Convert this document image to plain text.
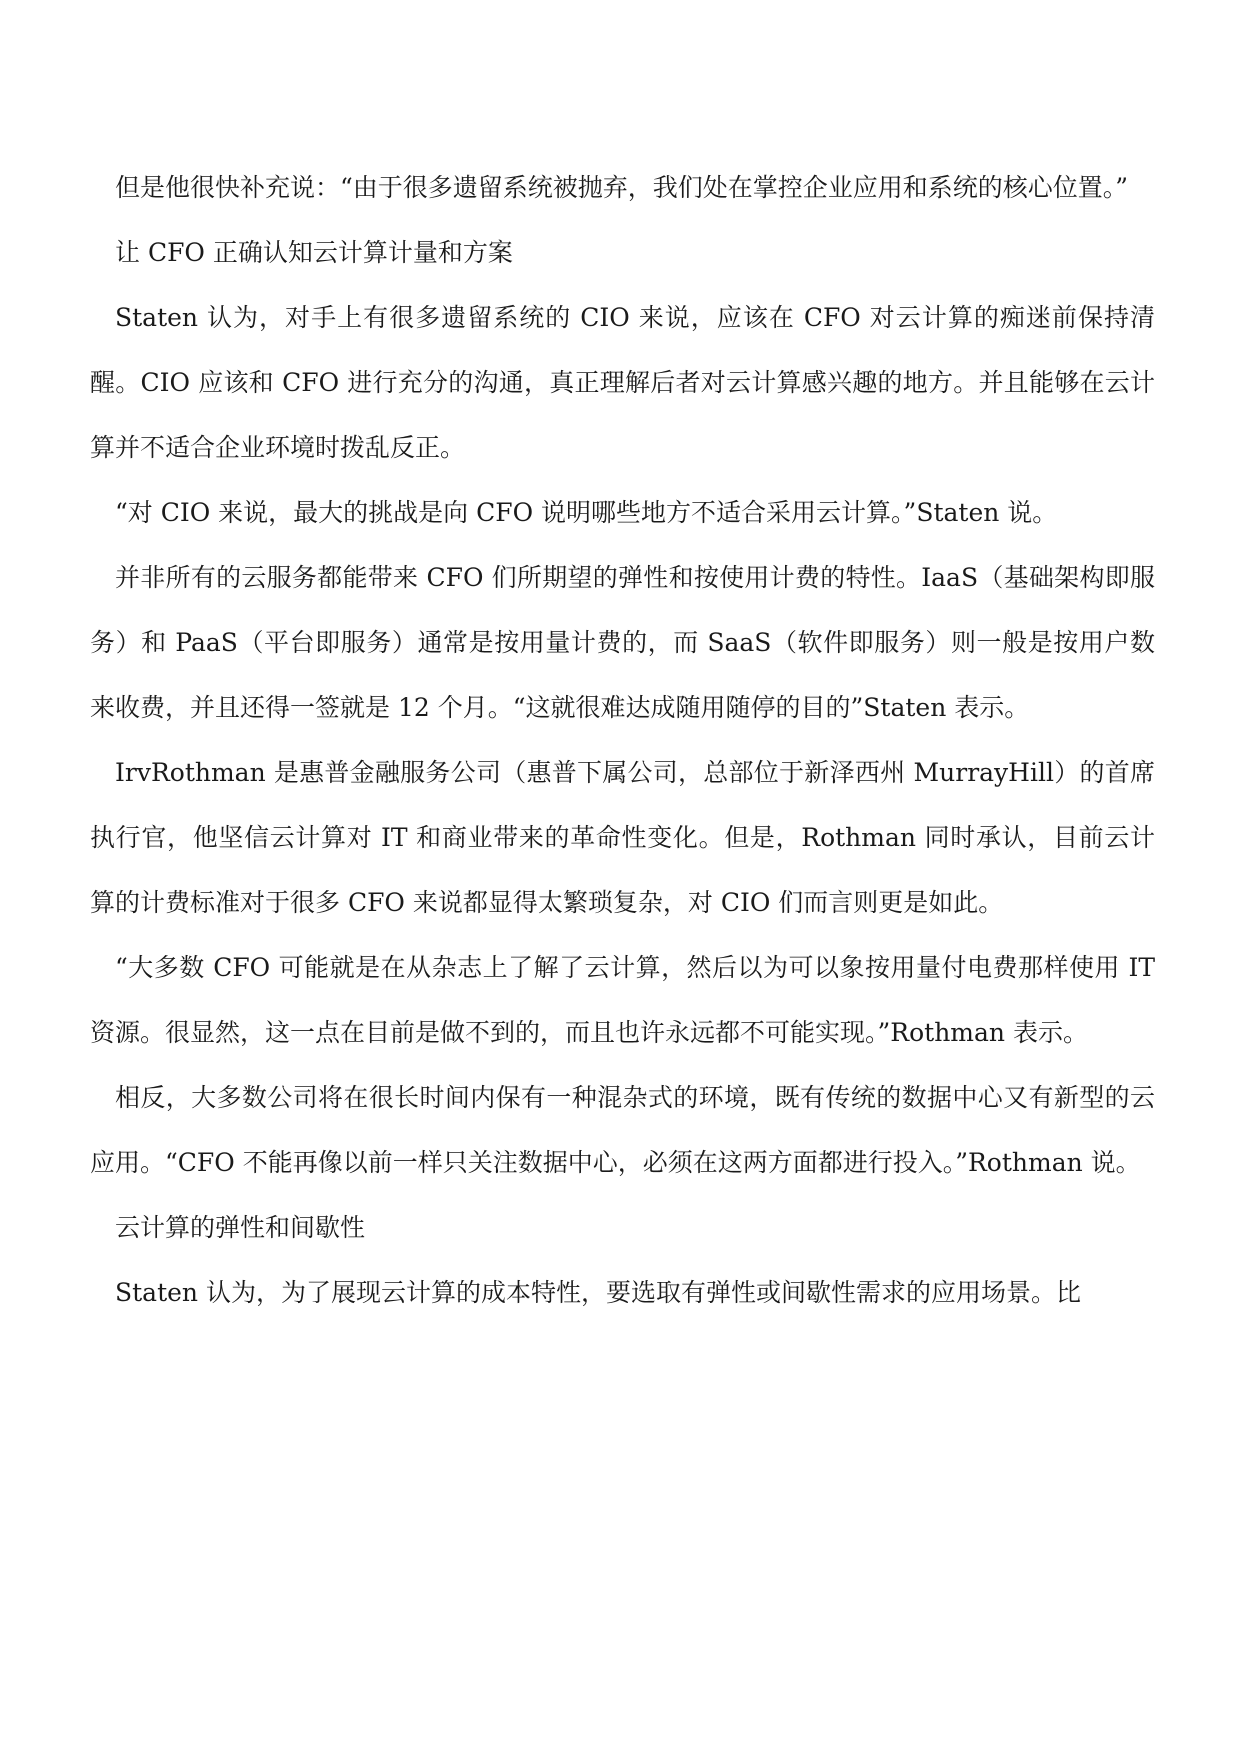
但是他很快补充说：“由于很多遗留系统被抛弃，我们处在掌控企业应用和系统的核心位置。”

让 CFO 正确认知云计算计量和方案

Staten 认为，对手上有很多遗留系统的 CIO 来说，应该在 CFO 对云计算的痴迷前保持清醒。CIO 应该和 CFO 进行充分的沟通，真正理解后者对云计算感兴趣的地方。并且能够在云计算并不适合企业环境时拨乱反正。

“对 CIO 来说，最大的挑战是向 CFO 说明哪些地方不适合采用云计算。”Staten 说。

并非所有的云服务都能带来 CFO 们所期望的弹性和按使用计费的特性。IaaS（基础架构即服务）和 PaaS（平台即服务）通常是按用量计费的，而 SaaS（软件即服务）则一般是按用户数来收费，并且还得一签就是 12 个月。“这就很难达成随用随停的目的”Staten 表示。

IrvRothman 是惠普金融服务公司（惠普下属公司，总部位于新泽西州 MurrayHill）的首席执行官，他坚信云计算对 IT 和商业带来的革命性变化。但是，Rothman 同时承认，目前云计算的计费标准对于很多 CFO 来说都显得太繁琐复杂，对 CIO 们而言则更是如此。

“大多数 CFO 可能就是在从杂志上了解了云计算，然后以为可以象按用量付电费那样使用 IT 资源。很显然，这一点在目前是做不到的，而且也许永远都不可能实现。”Rothman 表示。

相反，大多数公司将在很长时间内保有一种混杂式的环境，既有传统的数据中心又有新型的云应用。“CFO 不能再像以前一样只关注数据中心，必须在这两方面都进行投入。”Rothman 说。

云计算的弹性和间歇性

Staten 认为，为了展现云计算的成本特性，要选取有弹性或间歇性需求的应用场景。比
